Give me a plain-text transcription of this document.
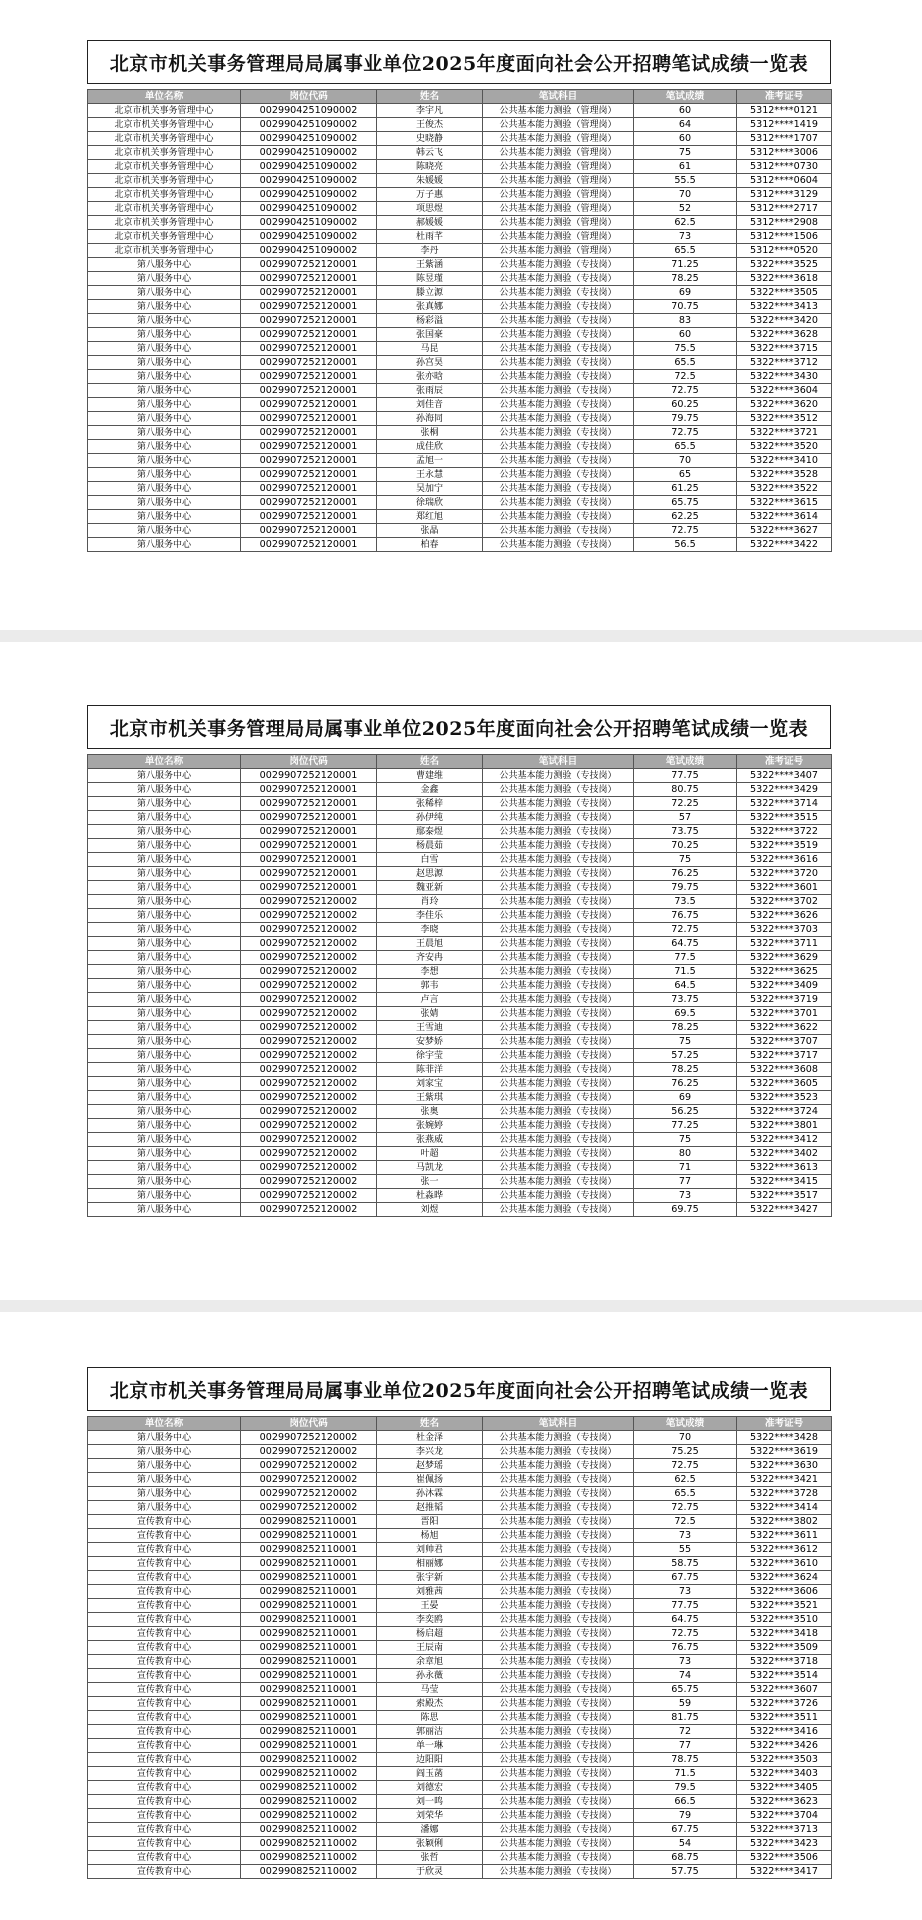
北京市机关事务管理局局属事业单位2025年度面向社会公开招聘笔试成绩一览表
单位名称	岗位代码	姓名	笔试科目	笔试成绩	准考证号
北京市机关事务管理中心	0029904251090002	李宇凡	公共基本能力测验（管理岗）	60	5312****0121
北京市机关事务管理中心	0029904251090002	王俊杰	公共基本能力测验（管理岗）	64	5312****1419
北京市机关事务管理中心	0029904251090002	史晓静	公共基本能力测验（管理岗）	60	5312****1707
北京市机关事务管理中心	0029904251090002	韩云飞	公共基本能力测验（管理岗）	75	5312****3006
北京市机关事务管理中心	0029904251090002	陈晓亮	公共基本能力测验（管理岗）	61	5312****0730
北京市机关事务管理中心	0029904251090002	朱媛媛	公共基本能力测验（管理岗）	55.5	5312****0604
北京市机关事务管理中心	0029904251090002	万子惠	公共基本能力测验（管理岗）	70	5312****3129
北京市机关事务管理中心	0029904251090002	项思煜	公共基本能力测验（管理岗）	52	5312****2717
北京市机关事务管理中心	0029904251090002	郝媛媛	公共基本能力测验（管理岗）	62.5	5312****2908
北京市机关事务管理中心	0029904251090002	杜雨芊	公共基本能力测验（管理岗）	73	5312****1506
北京市机关事务管理中心	0029904251090002	李丹	公共基本能力测验（管理岗）	65.5	5312****0520
第八服务中心	0029907252120001	王紫涵	公共基本能力测验（专技岗）	71.25	5322****3525
第八服务中心	0029907252120001	陈昱瑾	公共基本能力测验（专技岗）	78.25	5322****3618
第八服务中心	0029907252120001	滕立源	公共基本能力测验（专技岗）	69	5322****3505
第八服务中心	0029907252120001	张真娜	公共基本能力测验（专技岗）	70.75	5322****3413
第八服务中心	0029907252120001	杨彩溢	公共基本能力测验（专技岗）	83	5322****3420
第八服务中心	0029907252120001	张国豪	公共基本能力测验（专技岗）	60	5322****3628
第八服务中心	0029907252120001	马昆	公共基本能力测验（专技岗）	75.5	5322****3715
第八服务中心	0029907252120001	孙宫昊	公共基本能力测验（专技岗）	65.5	5322****3712
第八服务中心	0029907252120001	张亦晗	公共基本能力测验（专技岗）	72.5	5322****3430
第八服务中心	0029907252120001	张雨辰	公共基本能力测验（专技岗）	72.75	5322****3604
第八服务中心	0029907252120001	刘佳音	公共基本能力测验（专技岗）	60.25	5322****3620
第八服务中心	0029907252120001	孙海同	公共基本能力测验（专技岗）	79.75	5322****3512
第八服务中心	0029907252120001	张桐	公共基本能力测验（专技岗）	72.75	5322****3721
第八服务中心	0029907252120001	成佳欣	公共基本能力测验（专技岗）	65.5	5322****3520
第八服务中心	0029907252120001	孟旭一	公共基本能力测验（专技岗）	70	5322****3410
第八服务中心	0029907252120001	王永慧	公共基本能力测验（专技岗）	65	5322****3528
第八服务中心	0029907252120001	吴加宁	公共基本能力测验（专技岗）	61.25	5322****3522
第八服务中心	0029907252120001	徐瑞欣	公共基本能力测验（专技岗）	65.75	5322****3615
第八服务中心	0029907252120001	郑红旭	公共基本能力测验（专技岗）	62.25	5322****3614
第八服务中心	0029907252120001	张晶	公共基本能力测验（专技岗）	72.75	5322****3627
第八服务中心	0029907252120001	柏春	公共基本能力测验（专技岗）	56.5	5322****3422
北京市机关事务管理局局属事业单位2025年度面向社会公开招聘笔试成绩一览表
单位名称	岗位代码	姓名	笔试科目	笔试成绩	准考证号
第八服务中心	0029907252120001	曹建维	公共基本能力测验（专技岗）	77.75	5322****3407
第八服务中心	0029907252120001	金鑫	公共基本能力测验（专技岗）	80.75	5322****3429
第八服务中心	0029907252120001	张稀梓	公共基本能力测验（专技岗）	72.25	5322****3714
第八服务中心	0029907252120001	孙伊纯	公共基本能力测验（专技岗）	57	5322****3515
第八服务中心	0029907252120001	鄢泰煜	公共基本能力测验（专技岗）	73.75	5322****3722
第八服务中心	0029907252120001	杨晨茹	公共基本能力测验（专技岗）	70.25	5322****3519
第八服务中心	0029907252120001	白雪	公共基本能力测验（专技岗）	75	5322****3616
第八服务中心	0029907252120001	赵思源	公共基本能力测验（专技岗）	76.25	5322****3720
第八服务中心	0029907252120001	魏亚新	公共基本能力测验（专技岗）	79.75	5322****3601
第八服务中心	0029907252120002	肖玲	公共基本能力测验（专技岗）	73.5	5322****3702
第八服务中心	0029907252120002	李佳乐	公共基本能力测验（专技岗）	76.75	5322****3626
第八服务中心	0029907252120002	李晓	公共基本能力测验（专技岗）	72.75	5322****3703
第八服务中心	0029907252120002	王晨旭	公共基本能力测验（专技岗）	64.75	5322****3711
第八服务中心	0029907252120002	齐安冉	公共基本能力测验（专技岗）	77.5	5322****3629
第八服务中心	0029907252120002	李想	公共基本能力测验（专技岗）	71.5	5322****3625
第八服务中心	0029907252120002	郭韦	公共基本能力测验（专技岗）	64.5	5322****3409
第八服务中心	0029907252120002	卢言	公共基本能力测验（专技岗）	73.75	5322****3719
第八服务中心	0029907252120002	张婧	公共基本能力测验（专技岗）	69.5	5322****3701
第八服务中心	0029907252120002	王雪迪	公共基本能力测验（专技岗）	78.25	5322****3622
第八服务中心	0029907252120002	安梦娇	公共基本能力测验（专技岗）	75	5322****3707
第八服务中心	0029907252120002	徐宇莹	公共基本能力测验（专技岗）	57.25	5322****3717
第八服务中心	0029907252120002	陈菲洋	公共基本能力测验（专技岗）	78.25	5322****3608
第八服务中心	0029907252120002	刘家宝	公共基本能力测验（专技岗）	76.25	5322****3605
第八服务中心	0029907252120002	王紫琪	公共基本能力测验（专技岗）	69	5322****3523
第八服务中心	0029907252120002	张奥	公共基本能力测验（专技岗）	56.25	5322****3724
第八服务中心	0029907252120002	张婉婷	公共基本能力测验（专技岗）	77.25	5322****3801
第八服务中心	0029907252120002	张燕威	公共基本能力测验（专技岗）	75	5322****3412
第八服务中心	0029907252120002	叶超	公共基本能力测验（专技岗）	80	5322****3402
第八服务中心	0029907252120002	马凯龙	公共基本能力测验（专技岗）	71	5322****3613
第八服务中心	0029907252120002	张一	公共基本能力测验（专技岗）	77	5322****3415
第八服务中心	0029907252120002	杜淼晔	公共基本能力测验（专技岗）	73	5322****3517
第八服务中心	0029907252120002	刘煜	公共基本能力测验（专技岗）	69.75	5322****3427
北京市机关事务管理局局属事业单位2025年度面向社会公开招聘笔试成绩一览表
单位名称	岗位代码	姓名	笔试科目	笔试成绩	准考证号
第八服务中心	0029907252120002	杜金泽	公共基本能力测验（专技岗）	70	5322****3428
第八服务中心	0029907252120002	李兴龙	公共基本能力测验（专技岗）	75.25	5322****3619
第八服务中心	0029907252120002	赵梦瑶	公共基本能力测验（专技岗）	72.75	5322****3630
第八服务中心	0029907252120002	崔佩扬	公共基本能力测验（专技岗）	62.5	5322****3421
第八服务中心	0029907252120002	孙沐霖	公共基本能力测验（专技岗）	65.5	5322****3728
第八服务中心	0029907252120002	赵推韬	公共基本能力测验（专技岗）	72.75	5322****3414
宣传教育中心	0029908252110001	晋阳	公共基本能力测验（专技岗）	72.5	5322****3802
宣传教育中心	0029908252110001	杨旭	公共基本能力测验（专技岗）	73	5322****3611
宣传教育中心	0029908252110001	刘帅君	公共基本能力测验（专技岗）	55	5322****3612
宣传教育中心	0029908252110001	相丽娜	公共基本能力测验（专技岗）	58.75	5322****3610
宣传教育中心	0029908252110001	张宇新	公共基本能力测验（专技岗）	67.75	5322****3624
宣传教育中心	0029908252110001	刘雅茜	公共基本能力测验（专技岗）	73	5322****3606
宣传教育中心	0029908252110001	王晏	公共基本能力测验（专技岗）	77.75	5322****3521
宣传教育中心	0029908252110001	李奕鸥	公共基本能力测验（专技岗）	64.75	5322****3510
宣传教育中心	0029908252110001	杨启超	公共基本能力测验（专技岗）	72.75	5322****3418
宣传教育中心	0029908252110001	王辰南	公共基本能力测验（专技岗）	76.75	5322****3509
宣传教育中心	0029908252110001	余章旭	公共基本能力测验（专技岗）	73	5322****3718
宣传教育中心	0029908252110001	孙永薇	公共基本能力测验（专技岗）	74	5322****3514
宣传教育中心	0029908252110001	马莹	公共基本能力测验（专技岗）	65.75	5322****3607
宣传教育中心	0029908252110001	索殿杰	公共基本能力测验（专技岗）	59	5322****3726
宣传教育中心	0029908252110001	陈思	公共基本能力测验（专技岗）	81.75	5322****3511
宣传教育中心	0029908252110001	郭丽洁	公共基本能力测验（专技岗）	72	5322****3416
宣传教育中心	0029908252110001	单一琳	公共基本能力测验（专技岗）	77	5322****3426
宣传教育中心	0029908252110002	边阳阳	公共基本能力测验（专技岗）	78.75	5322****3503
宣传教育中心	0029908252110002	阎玉菡	公共基本能力测验（专技岗）	71.5	5322****3403
宣传教育中心	0029908252110002	刘德宏	公共基本能力测验（专技岗）	79.5	5322****3405
宣传教育中心	0029908252110002	刘一鸣	公共基本能力测验（专技岗）	66.5	5322****3623
宣传教育中心	0029908252110002	刘荣华	公共基本能力测验（专技岗）	79	5322****3704
宣传教育中心	0029908252110002	潘娜	公共基本能力测验（专技岗）	67.75	5322****3713
宣传教育中心	0029908252110002	张颖俐	公共基本能力测验（专技岗）	54	5322****3423
宣传教育中心	0029908252110002	张哲	公共基本能力测验（专技岗）	68.75	5322****3506
宣传教育中心	0029908252110002	于欣灵	公共基本能力测验（专技岗）	57.75	5322****3417
